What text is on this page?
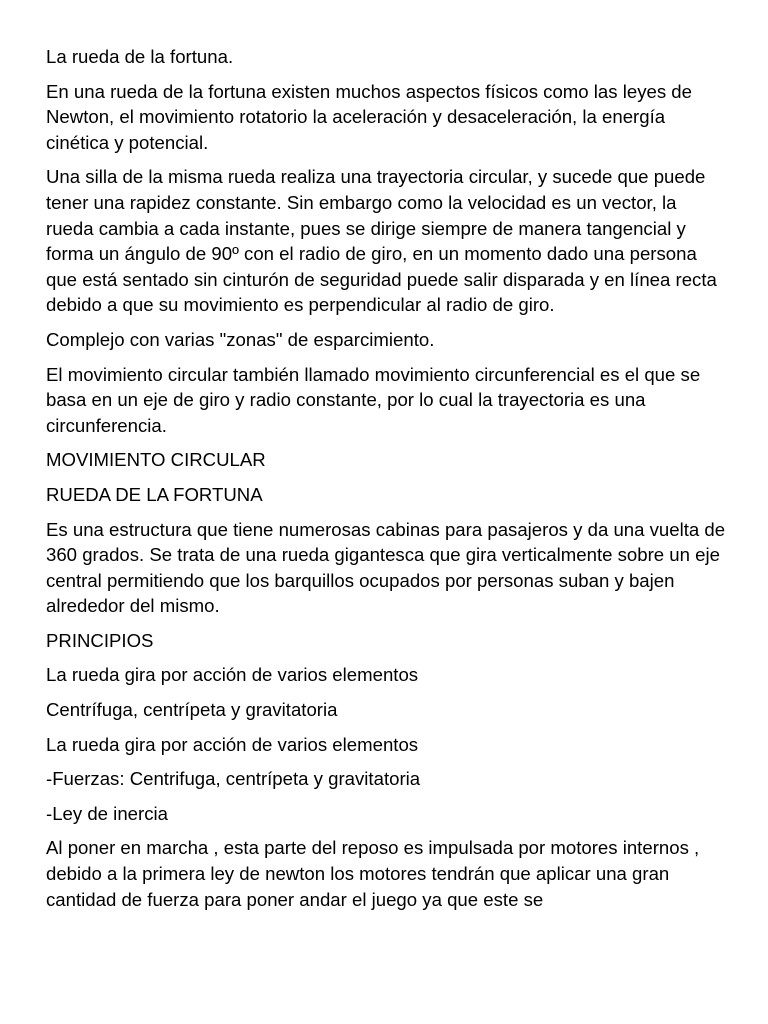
La rueda de la fortuna.

En una rueda de la fortuna existen muchos aspectos físicos como las leyes de Newton, el movimiento rotatorio la aceleración y desaceleración, la energía cinética y potencial.

Una silla de la misma rueda realiza una trayectoria circular, y sucede que puede tener una rapidez constante. Sin embargo como la velocidad es un vector, la rueda cambia a cada instante, pues se dirige siempre de manera tangencial y forma un ángulo de 90º con el radio de giro, en un momento dado una persona que está sentado sin cinturón de seguridad puede salir disparada y en línea recta debido a que su movimiento es perpendicular al radio de giro.

Complejo con varias "zonas" de esparcimiento.

El movimiento circular también llamado movimiento circunferencial es el que se basa en un eje de giro y radio constante, por lo cual la trayectoria es una circunferencia.

MOVIMIENTO CIRCULAR

RUEDA DE LA FORTUNA

Es una estructura que tiene numerosas cabinas para pasajeros y da una vuelta de 360 grados. Se trata de una rueda gigantesca que gira verticalmente sobre un eje central permitiendo que los barquillos ocupados por personas suban y bajen alrededor del mismo.

PRINCIPIOS

La rueda gira por acción de varios elementos

Centrífuga, centrípeta y gravitatoria

La rueda gira por acción de varios elementos

-Fuerzas: Centrifuga, centrípeta y gravitatoria

-Ley de inercia

Al poner en marcha , esta parte del reposo es impulsada por motores internos , debido a la primera ley de newton los motores tendrán que aplicar una gran cantidad de fuerza para poner andar el juego ya que este se
